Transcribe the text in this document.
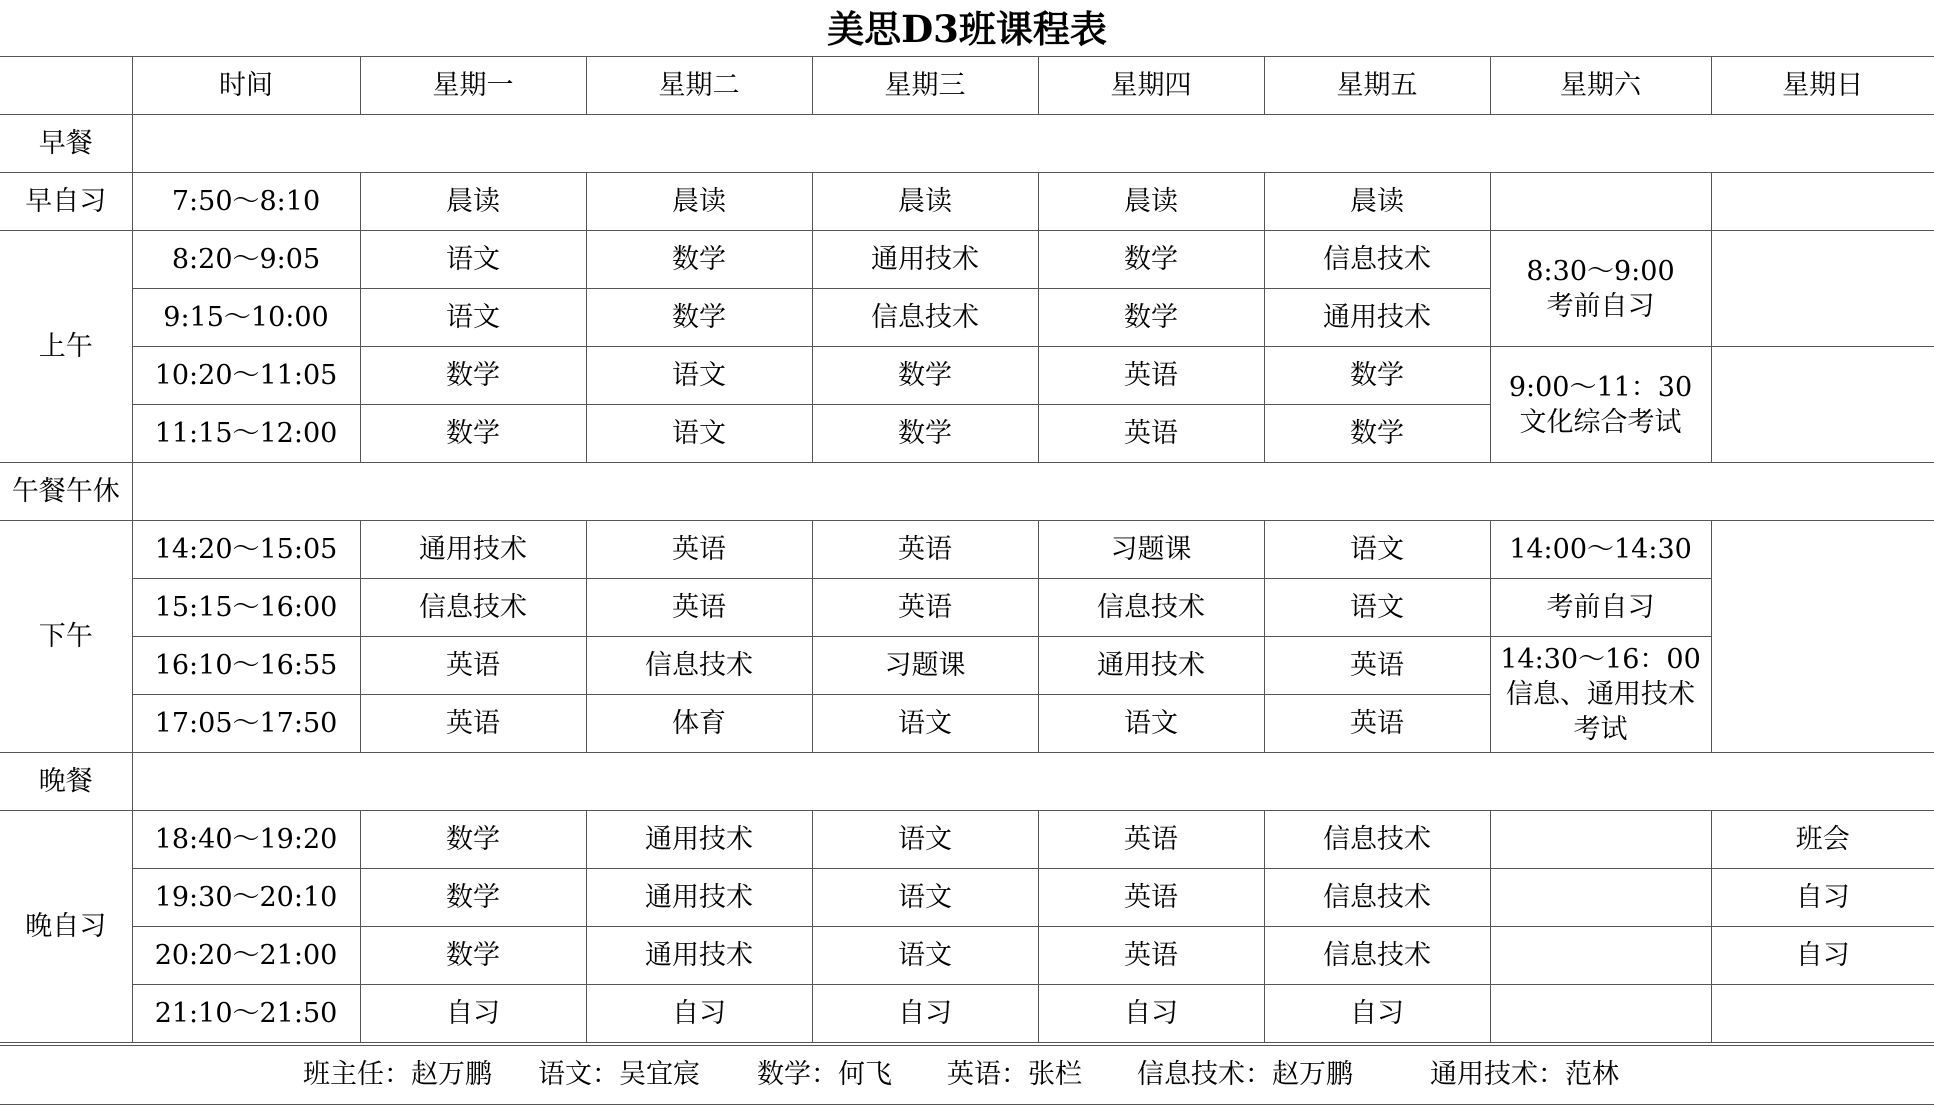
美思D3班课程表
	时间	星期一	星期二	星期三	星期四	星期五	星期六	星期日
早餐								
早自习	7:50～8:10	晨读	晨读	晨读	晨读	晨读		
上午	8:20～9:05	语文	数学	通用技术	数学	信息技术	8:30～9:00
考前自习	

	9:15～10:00	语文	数学	信息技术	数学	通用技术		
	10:20～11:05	数学	语文	数学	英语	数学	9:00～11：30
文化综合考试	

	11:15～12:00	数学	语文	数学	英语	数学		
午餐午休								
下午	14:20～15:05	通用技术	英语	英语	习题课	语文	14:00～14:30	
	15:15～16:00	信息技术	英语	英语	信息技术	语文	考前自习	
	16:10～16:55	英语	信息技术	习题课	通用技术	英语	14:30～16：00
信息、通用技术
考试	

	17:05～17:50	英语	体育	语文	语文	英语		
晚餐								
晚自习	18:40～19:20	数学	通用技术	语文	英语	信息技术		班会
	19:30～20:10	数学	通用技术	语文	英语	信息技术		自习
	20:20～21:00	数学	通用技术	语文	英语	信息技术		自习
	21:10～21:50	自习	自习	自习	自习	自习		
班主任：赵万鹏 语文：吴宜宸 数学：何飞 英语：张栏 信息技术：赵万鹏	通用技术：范林
